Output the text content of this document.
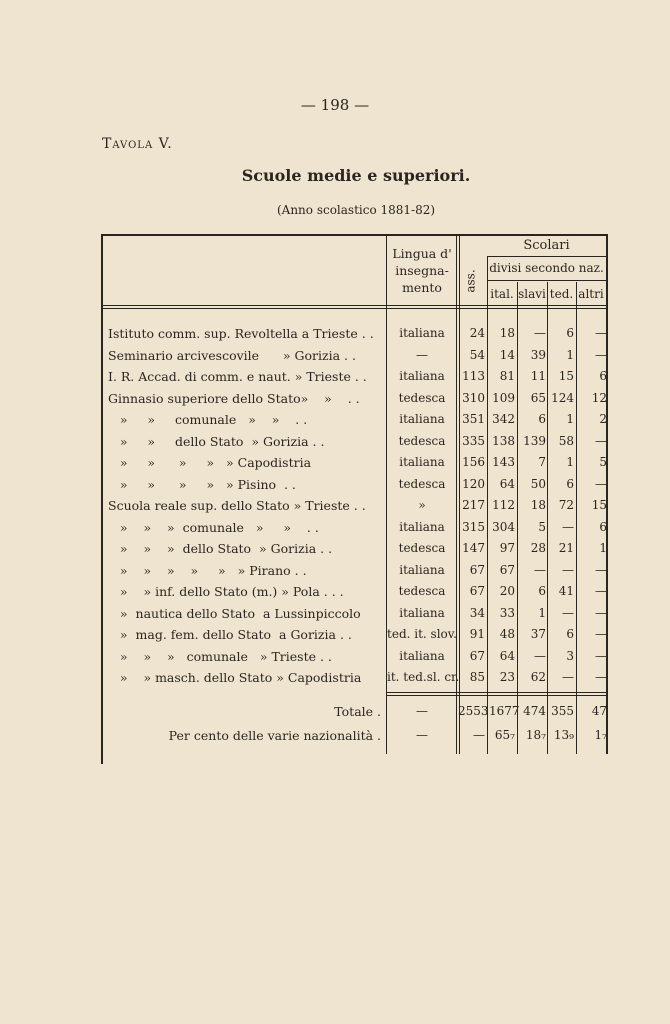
— 198 —
Tavola V.
Scuole medie e superiori.
(Anno scolastico 1881-82)
Lingua d' insegna- mento
Scolari
divisi secondo naz.
ass.
ital. slavi ted. altri
Istituto comm. sup. Revoltella a Trieste . .	italiana	24	18	—	6	—
Seminario arcivescovile      » Gorizia . .	—	54	14	39	1	—
I. R. Accad. di comm. e naut. » Trieste . .	italiana	113	81	11	15	6
Ginnasio superiore dello Stato»    »    . .	tedesca	310 109	65 124	12
»     »     comunale   »    »    . .	italiana	351 342	6	1	2
»     »     dello Stato  » Gorizia . .	tedesca	335 138 139	58	—
»     »      »     »   » Capodistria	italiana	156 143	7	1	5
»     »      »     »   » Pisino  . .	tedesca	120	64	50	6	—
Scuola reale sup. dello Stato » Trieste . .	»	217 112	18	72	15
»    »    »  comunale   »     »    . .	italiana	315 304	5	—	6
»    »    »  dello Stato  » Gorizia . .	tedesca	147	97	28	21	1
»    »    »    »     »   » Pirano . .	italiana	67	67	—	—	—
»    » inf. dello Stato (m.) » Pola . . .	tedesca	67	20	6	41	—
»  nautica dello Stato  a Lussinpiccolo	italiana	34	33	1	—	—
»  mag. fem. dello Stato  a Gorizia . .	ted. it. slov.	91	48	37	6	—
»    »    »   comunale   » Trieste . .	italiana	67	64	—	3	—
»    » masch. dello Stato » Capodistria	it. ted.sl. cr. 85	23	62	—	—
Totale .	—	2553 1677 474 355	47
Per cento delle varie nazionalità .	—	— 65₇ 18₇ 13₉	1₇
